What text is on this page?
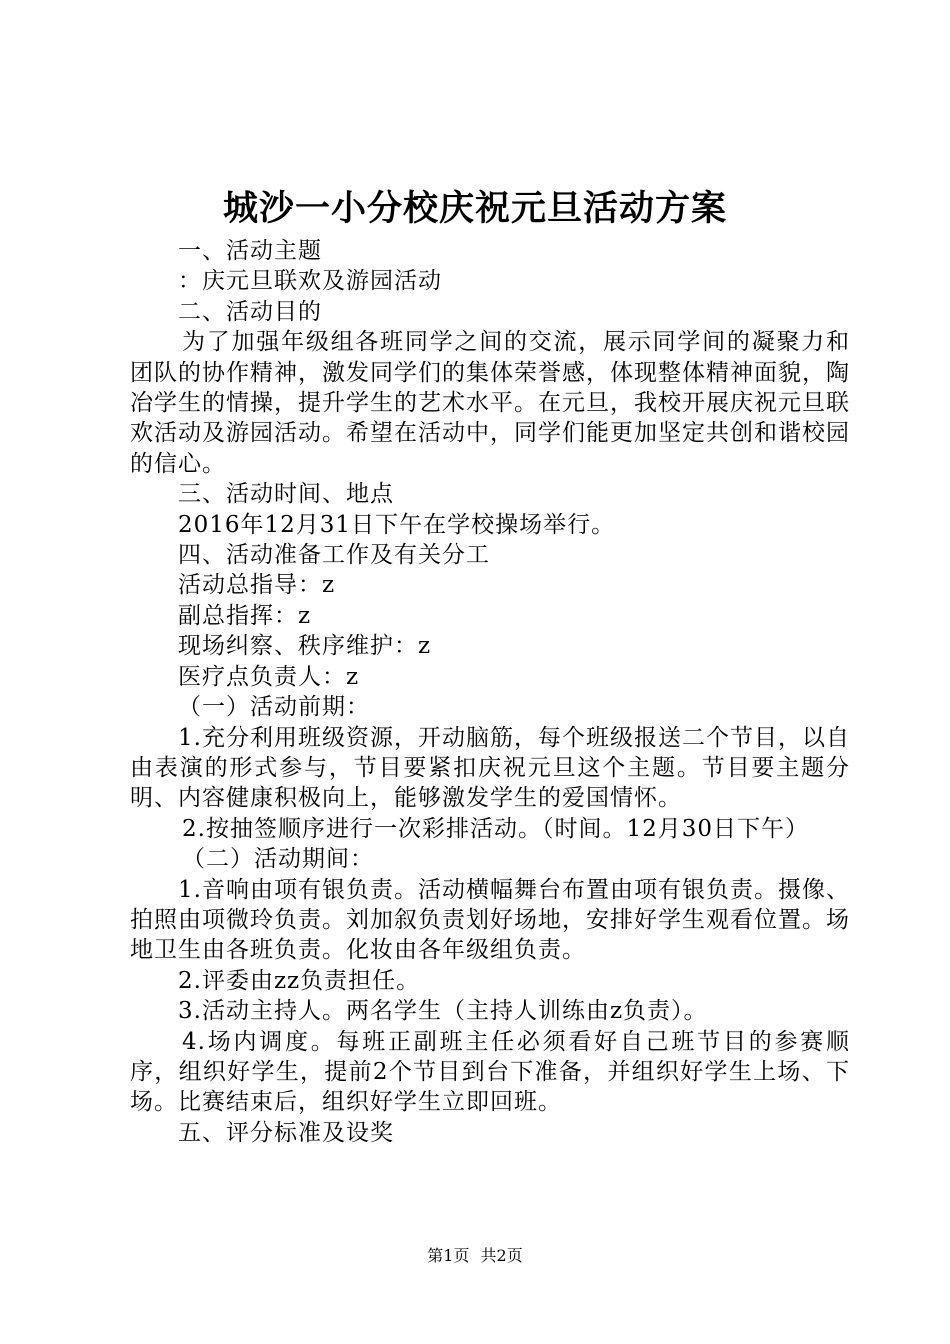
城沙一小分校庆祝元旦活动方案

一、活动主题

：庆元旦联欢及游园活动

二、活动目的

为了加强年级组各班同学之间的交流，展示同学间的凝聚力和团队的协作精神，激发同学们的集体荣誉感，体现整体精神面貌，陶冶学生的情操，提升学生的艺术水平。在元旦，我校开展庆祝元旦联欢活动及游园活动。希望在活动中，同学们能更加坚定共创和谐校园的信心。

三、活动时间、地点

2016年12月31日下午在学校操场举行。

四、活动准备工作及有关分工

活动总指导：z

副总指挥：z

现场纠察、秩序维护：z

医疗点负责人：z

（一）活动前期：

1.充分利用班级资源，开动脑筋，每个班级报送二个节目，以自由表演的形式参与，节目要紧扣庆祝元旦这个主题。节目要主题分明、内容健康积极向上，能够激发学生的爱国情怀。

2.按抽签顺序进行一次彩排活动。（时间。12月30日下午）

（二）活动期间：

1.音响由项有银负责。活动横幅舞台布置由项有银负责。摄像、拍照由项微玲负责。刘加叙负责划好场地，安排好学生观看位置。场地卫生由各班负责。化妆由各年级组负责。

2.评委由zz负责担任。

3.活动主持人。两名学生（主持人训练由z负责）。

4.场内调度。每班正副班主任必须看好自己班节目的参赛顺序，组织好学生，提前2个节目到台下准备，并组织好学生上场、下场。比赛结束后，组织好学生立即回班。

五、评分标准及设奖

第1页 共2页
